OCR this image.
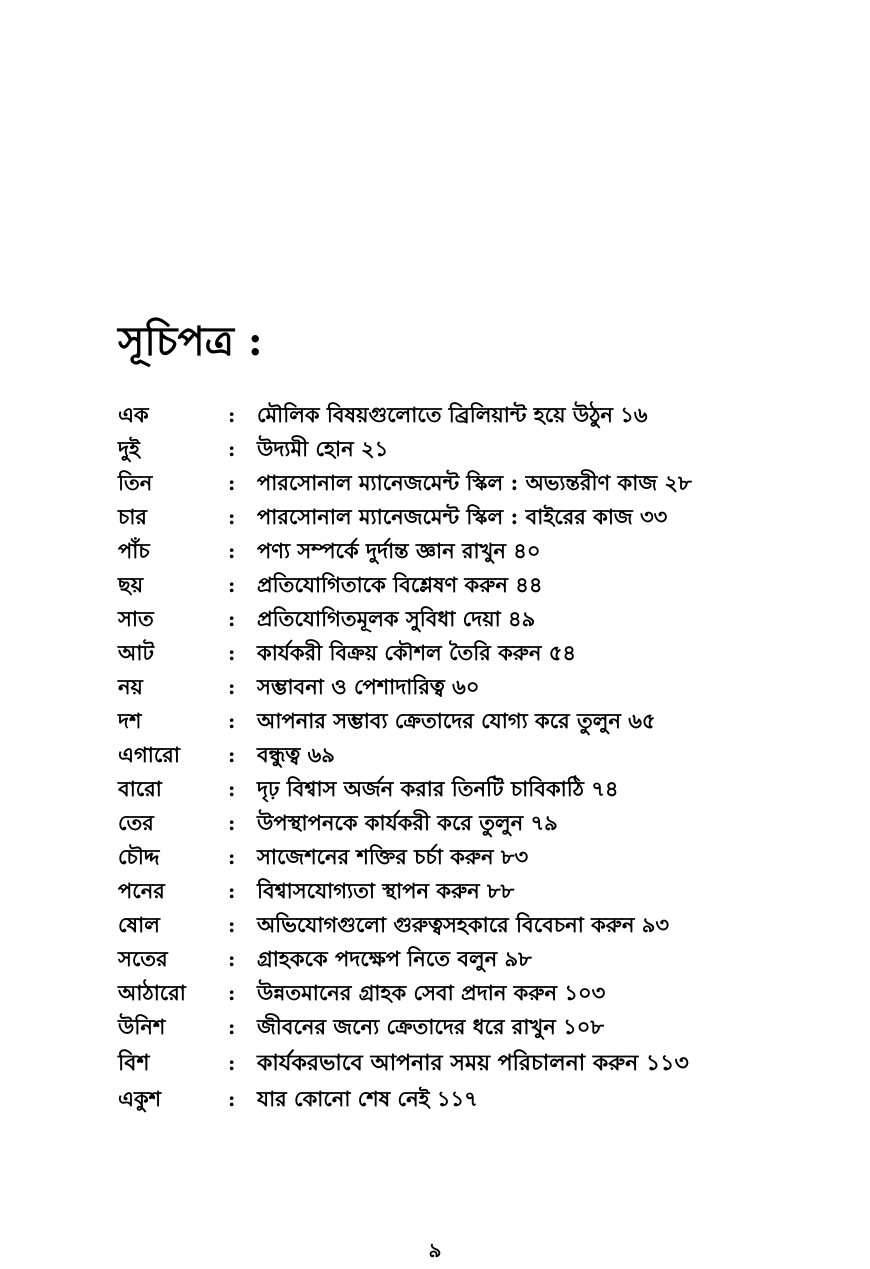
সূচিপত্র :
এক	: মৌলিক বিষয়গুলোতে ব্রিলিয়ান্ট হয়ে উঠুন ১৬
দুই	: উদ্যমী হোন ২১
তিন	: পারসোনাল ম্যানেজমেন্ট স্কিল : অভ্যন্তরীণ কাজ ২৮
চার	: পারসোনাল ম্যানেজমেন্ট স্কিল : বাইরের কাজ ৩৩
পাঁচ	: পণ্য সম্পর্কে দুর্দান্ত জ্ঞান রাখুন ৪০
ছয়	: প্রতিযোগিতাকে বিশ্লেষণ করুন ৪৪
সাত	: প্রতিযোগিতমূলক সুবিধা দেয়া ৪৯
আট	: কার্যকরী বিক্রয় কৌশল তৈরি করুন ৫৪
নয়	: সম্ভাবনা ও পেশাদারিত্ব ৬০
দশ	: আপনার সম্ভাব্য ক্রেতাদের যোগ্য করে তুলুন ৬৫
এগারো : বন্ধুত্ব ৬৯
বারো	: দৃঢ় বিশ্বাস অর্জন করার তিনটি চাবিকাঠি ৭৪
তের	: উপস্থাপনকে কার্যকরী করে তুলুন ৭৯
চৌদ্দ	: সাজেশনের শক্তির চর্চা করুন ৮৩
পনের	: বিশ্বাসযোগ্যতা স্থাপন করুন ৮৮
ষোল	: অভিযোগগুলো গুরুত্বসহকারে বিবেচনা করুন ৯৩
সতের	: গ্রাহককে পদক্ষেপ নিতে বলুন ৯৮
আঠারো : উন্নতমানের গ্রাহক সেবা প্রদান করুন ১০৩
উনিশ	: জীবনের জন্যে ক্রেতাদের ধরে রাখুন ১০৮
বিশ	: কার্যকরভাবে আপনার সময় পরিচালনা করুন ১১৩
একুশ	: যার কোনো শেষ নেই ১১৭
৯
